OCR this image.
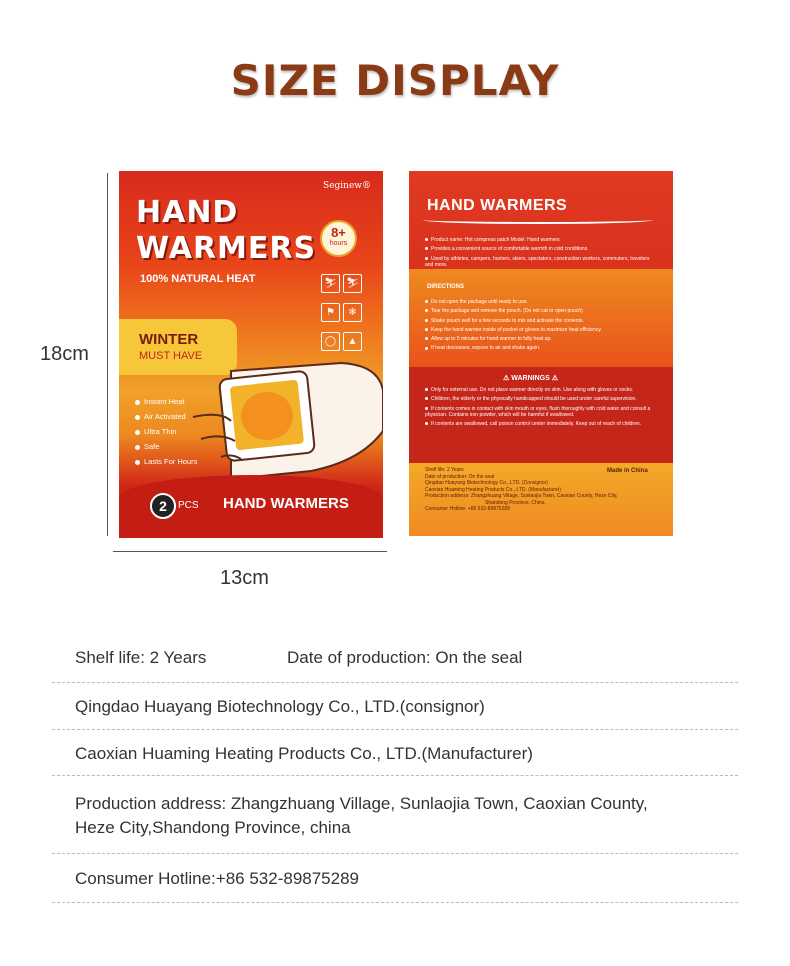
SIZE DISPLAY
18cm
Seginew®
HAND
WARMERS
100% NATURAL HEAT
8+
hours
⛷ ⛷ ⚑ ❄ ◯ ▲
WINTER
MUST HAVE
Instant Heat
Air Activated
Ultra Thin
Safe
Lasts For Hours
2	PCS HAND WARMERS
HAND WARMERS
Product name: Hot compress patch Model: Hand warmers
Provides a convenient source of comfortable warmth in cold conditions.
Used by athletes, campers, hunters, skiers, spectators, construction workers, commuters, travelers and more.
DIRECTIONS
Do not open the package until ready to use.
Tear the package and remove the pouch. (Do not cut or open pouch)
Shake pouch well for a few seconds to mix and activate the contents.
Keep the hand warmer inside of pocket or gloves to maximize heat efficiency.
Allow up to 5 minutes for hand warmer to fully heat up.
If heat decreases, expose to air and shake again.
⚠ WARNINGS ⚠
Only for external use. Do not place warmer directly on skin. Use along with gloves or socks.
Children, the elderly or the physically handicapped should be used under careful supervision.
If contents comes in contact with skin mouth or eyes, flush thoroughly with cold water and consult a physician. Contains iron powder, which will be harmful if swallowed.
If contents are swallowed, call poison control center immediately. Keep out of reach of children.
Made in China
Shelf life: 2 Years
Date of production: On the seal
Qingdao Huayang Biotechnology Co., LTD. (Consignor)
Caoxian Huaming Heating Products Co., LTD. (Manufacturer)
Production address: Zhangzhuang Village, Sunlaojia Town, Caoxian County, Heze City,
Shandong Province, China
Consumer Hotline: +86 532-89875289
13cm
Shelf life: 2 Years	Date of production: On the seal
Qingdao Huayang Biotechnology Co., LTD.(consignor)
Caoxian Huaming Heating Products Co., LTD.(Manufacturer)
Production address: Zhangzhuang Village, Sunlaojia Town, Caoxian County,
Heze City,Shandong Province, china
Consumer Hotline:+86 532-89875289
